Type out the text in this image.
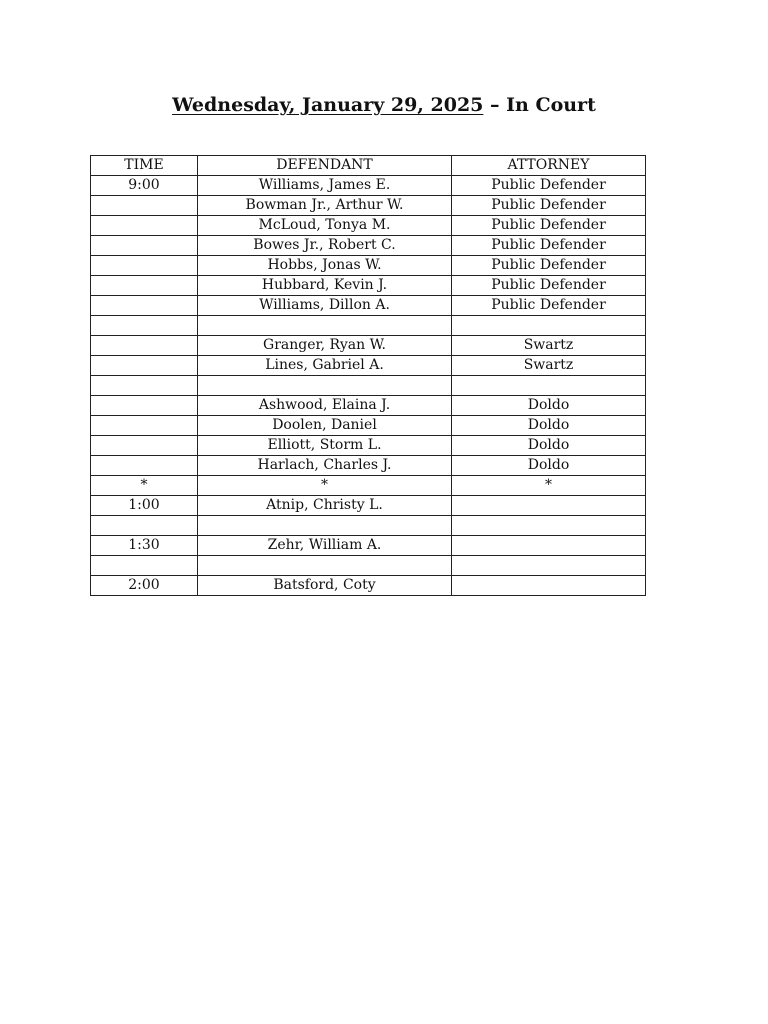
Wednesday, January 29, 2025 – In Court
TIME	DEFENDANT	ATTORNEY
9:00	Williams, James E.	Public Defender
	Bowman Jr., Arthur W.	Public Defender
	McLoud, Tonya M.	Public Defender
	Bowes Jr., Robert C.	Public Defender
	Hobbs, Jonas W.	Public Defender
	Hubbard, Kevin J.	Public Defender
	Williams, Dillon A.	Public Defender

	Granger, Ryan W.	Swartz
	Lines, Gabriel A.	Swartz

	Ashwood, Elaina J.	Doldo
	Doolen, Daniel	Doldo
	Elliott, Storm L.	Doldo
	Harlach, Charles J.	Doldo
*	*	*
1:00	Atnip, Christy L.	

1:30	Zehr, William A.	

2:00	Batsford, Coty	
